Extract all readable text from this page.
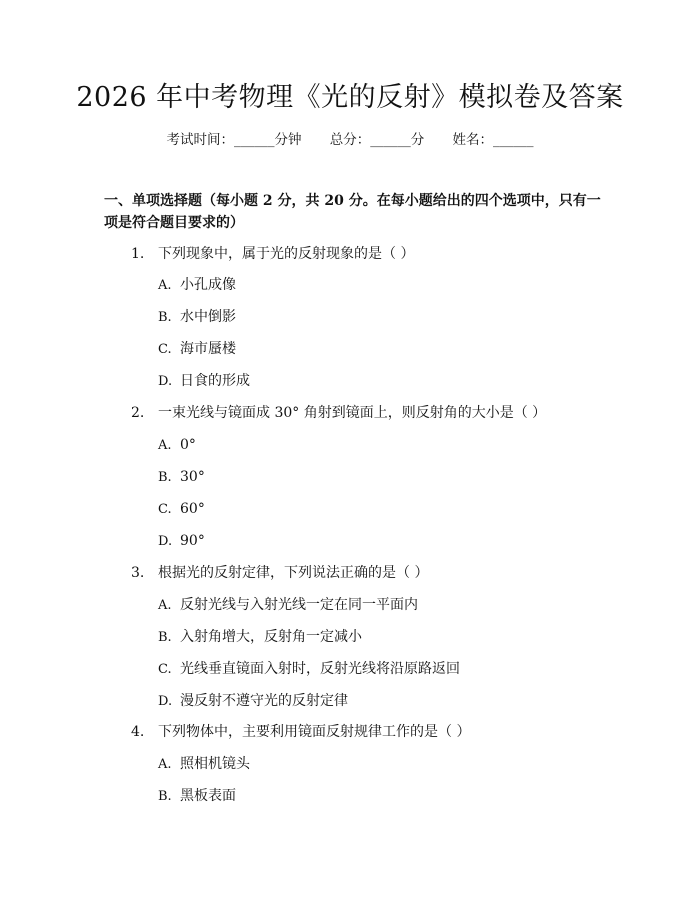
2026 年中考物理《光的反射》模拟卷及答案
考试时间：______分钟 总分：______分 姓名：______

一、单项选择题（每小题 2 分，共 20 分。在每小题给出的四个选项中，只有一项是符合题目要求的）

1. 下列现象中，属于光的反射现象的是（ ）
A. 小孔成像
B. 水中倒影
C. 海市蜃楼
D. 日食的形成
2. 一束光线与镜面成 30° 角射到镜面上，则反射角的大小是（ ）
A. 0°
B. 30°
C. 60°
D. 90°
3. 根据光的反射定律，下列说法正确的是（ ）
A. 反射光线与入射光线一定在同一平面内
B. 入射角增大，反射角一定减小
C. 光线垂直镜面入射时，反射光线将沿原路返回
D. 漫反射不遵守光的反射定律
4. 下列物体中，主要利用镜面反射规律工作的是（ ）
A. 照相机镜头
B. 黑板表面
